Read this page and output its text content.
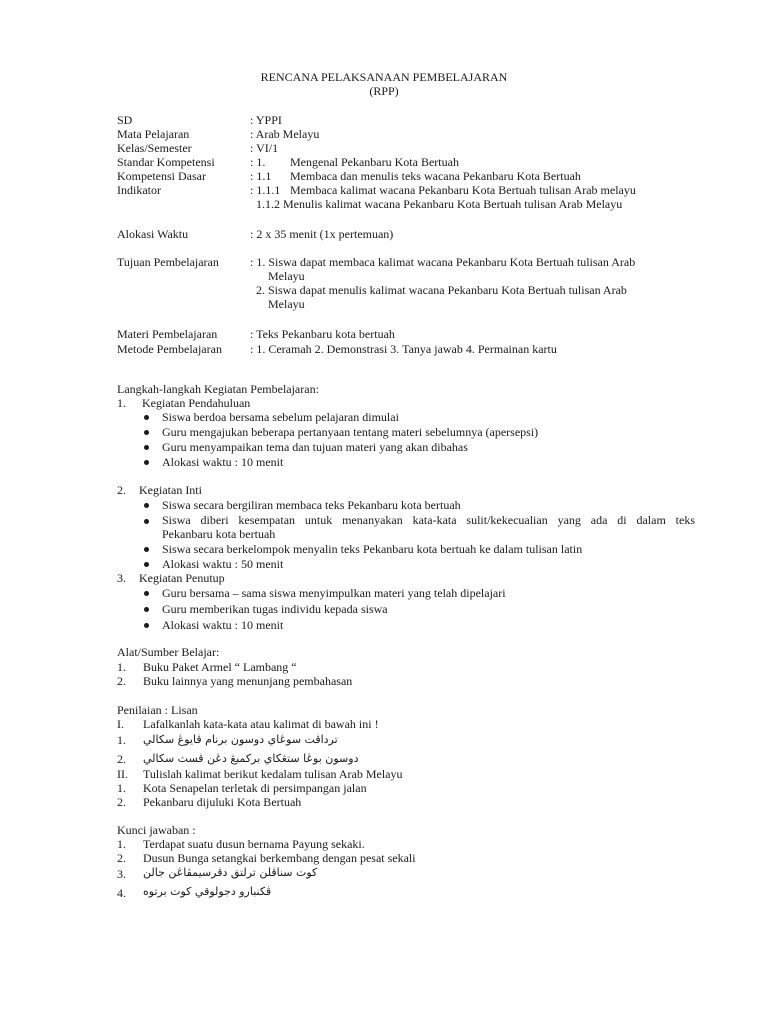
RENCANA PELAKSANAAN PEMBELAJARAN
(RPP)
SD	: YPPI
Mata Pelajaran	: Arab Melayu
Kelas/Semester	: VI/1
Standar Kompetensi	: 1. Mengenal Pekanbaru Kota Bertuah
Kompetensi Dasar	: 1.1 Membaca dan menulis teks wacana Pekanbaru Kota Bertuah
Indikator	: 1.1.1 Membaca kalimat wacana Pekanbaru Kota Bertuah tulisan Arab melayu
1.1.2 Menulis kalimat wacana Pekanbaru Kota Bertuah tulisan Arab Melayu
Alokasi Waktu	: 2 x 35 menit (1x pertemuan)
Tujuan Pembelajaran	: 1. Siswa dapat membaca kalimat wacana Pekanbaru Kota Bertuah tulisan Arab
Melayu
2. Siswa dapat menulis kalimat wacana Pekanbaru Kota Bertuah tulisan Arab
Melayu
Materi Pembelajaran	: Teks Pekanbaru kota bertuah
Metode Pembelajaran : 1. Ceramah 2. Demonstrasi 3. Tanya jawab 4. Permainan kartu
Langkah-langkah Kegiatan Pembelajaran:
1. Kegiatan Pendahuluan
Siswa berdoa bersama sebelum pelajaran dimulai
Guru mengajukan beberapa pertanyaan tentang materi sebelumnya (apersepsi)
Guru menyampaikan tema dan tujuan materi yang akan dibahas
Alokasi waktu : 10 menit
2. Kegiatan Inti
Siswa secara bergiliran membaca teks Pekanbaru kota bertuah
Siswa diberi kesempatan untuk menanyakan kata-kata sulit/kekecualian yang ada di dalam teks
Pekanbaru kota bertuah
Siswa secara berkelompok menyalin teks Pekanbaru kota bertuah ke dalam tulisan latin
Alokasi waktu : 50 menit
3. Kegiatan Penutup
Guru bersama – sama siswa menyimpulkan materi yang telah dipelajari
Guru memberikan tugas individu kepada siswa
Alokasi waktu : 10 menit
Alat/Sumber Belajar:
1. Buku Paket Armel “ Lambang “
2. Buku lainnya yang menunjang pembahasan
Penilaian : Lisan
I. Lafalkanlah kata-kata atau kalimat di bawah ini !
1. ترداڤت سوڠاي دوسون برنام ڤايوڠ سکالي
2. دوسون بوڠا ستڠکاي برکمبڠ دڠن ڤسث سکالي
II. Tulislah kalimat berikut kedalam tulisan Arab Melayu
1. Kota Senapelan terletak di persimpangan jalan
2. Pekanbaru dijuluki Kota Bertuah
Kunci jawaban :
1. Terdapat suatu dusun bernama Payung sekaki.
2. Dusun Bunga setangkai berkembang dengan pesat sekali
3. کوت سناڤلن ترلتق دڤرسيمڤاڠن جالن
4. ڤکنبارو دجولوقي کوت برتوه
